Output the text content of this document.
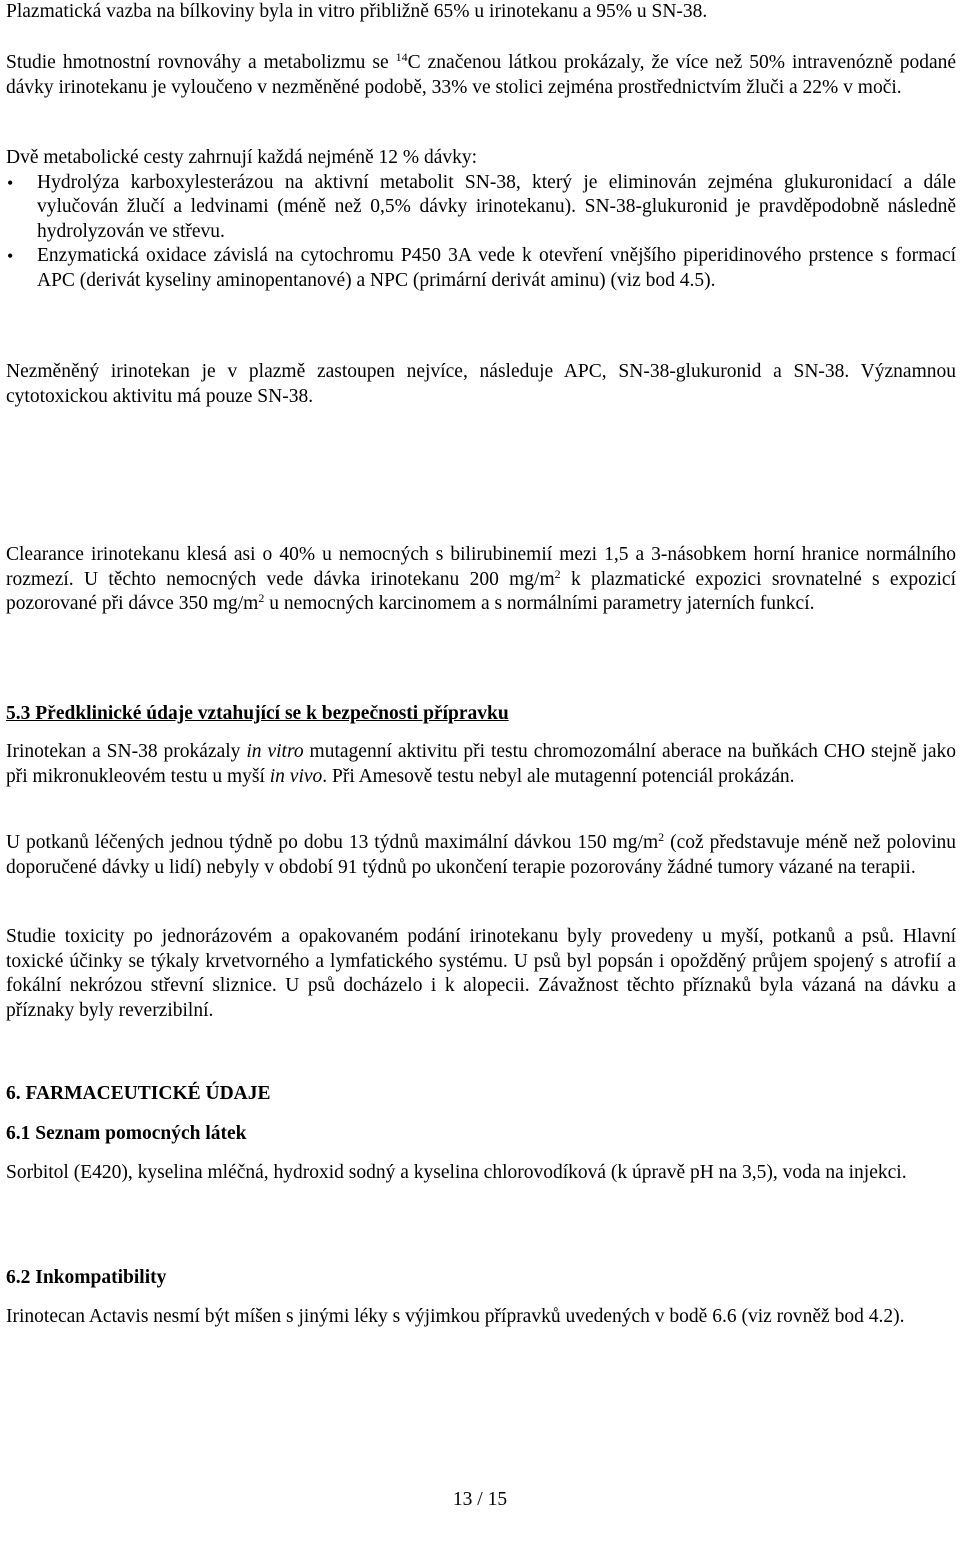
Plazmatická vazba na bílkoviny byla in vitro přibližně 65% u irinotekanu a 95% u SN-38.

Studie hmotnostní rovnováhy a metabolizmu se $^{14}$C značenou látkou prokázaly, že více než 50% intravenózně podané dávky irinotekanu je vyloučeno v nezměněné podobě, 33% ve stolici zejména prostřednictvím žluči a 22% v moči.

Dvě metabolické cesty zahrnují každá nejméně 12 % dávky:

• Hydrolýza karboxylesterázou na aktivní metabolit SN-38, který je eliminován zejména glukuronidací a dále vylučován žlučí a ledvinami (méně než 0,5% dávky irinotekanu). SN-38-glukuronid je pravděpodobně následně hydrolyzován ve střevu.
• Enzymatická oxidace závislá na cytochromu P450 3A vede k otevření vnějšího piperidinového prstence s formací APC (derivát kyseliny aminopentanové) a NPC (primární derivát aminu) (viz bod 4.5).

Nezměněný irinotekan je v plazmě zastoupen nejvíce, následuje APC, SN-38-glukuronid a SN-38. Významnou cytotoxickou aktivitu má pouze SN-38.

Clearance irinotekanu klesá asi o 40% u nemocných s bilirubinemií mezi 1,5 a 3-násobkem horní hranice normálního rozmezí. U těchto nemocných vede dávka irinotekanu 200 $mg/m^2$ k plazmatické expozici srovnatelné s expozicí pozorované při dávce 350 $mg/m^2$ u nemocných karcinomem a s normálními parametry jaterních funkcí.

5.3 Předklinické údaje vztahující se k bezpečnosti přípravku

Irinotekan a SN-38 prokázaly in vitro mutagenní aktivitu při testu chromozomální aberace na buňkách CHO stejně jako při mikronukleovém testu u myší in vivo. Při Amesově testu nebyl ale mutagenní potenciál prokázán.

U potkanů léčených jednou týdně po dobu 13 týdnů maximální dávkou 150 $mg/m^2$ (což představuje méně než polovinu doporučené dávky u lidí) nebyly v období 91 týdnů po ukončení terapie pozorovány žádné tumory vázané na terapii.

Studie toxicity po jednorázovém a opakovaném podání irinotekanu byly provedeny u myší, potkanů a psů. Hlavní toxické účinky se týkaly krvetvorného a lymfatického systému. U psů byl popsán i opožděný průjem spojený s atrofií a fokální nekrózou střevní sliznice. U psů docházelo i k alopecii. Závažnost těchto příznaků byla vázaná na dávku a příznaky byly reverzibilní.

6. FARMACEUTICKÉ ÚDAJE
6.1 Seznam pomocných látek

Sorbitol (E420), kyselina mléčná, hydroxid sodný a kyselina chlorovodíková (k úpravě pH na 3,5), voda na injekci.

6.2 Inkompatibility

Irinotecan Actavis nesmí být míšen s jinými léky s výjimkou přípravků uvedených v bodě 6.6 (viz rovněž bod 4.2).

13 / 15
